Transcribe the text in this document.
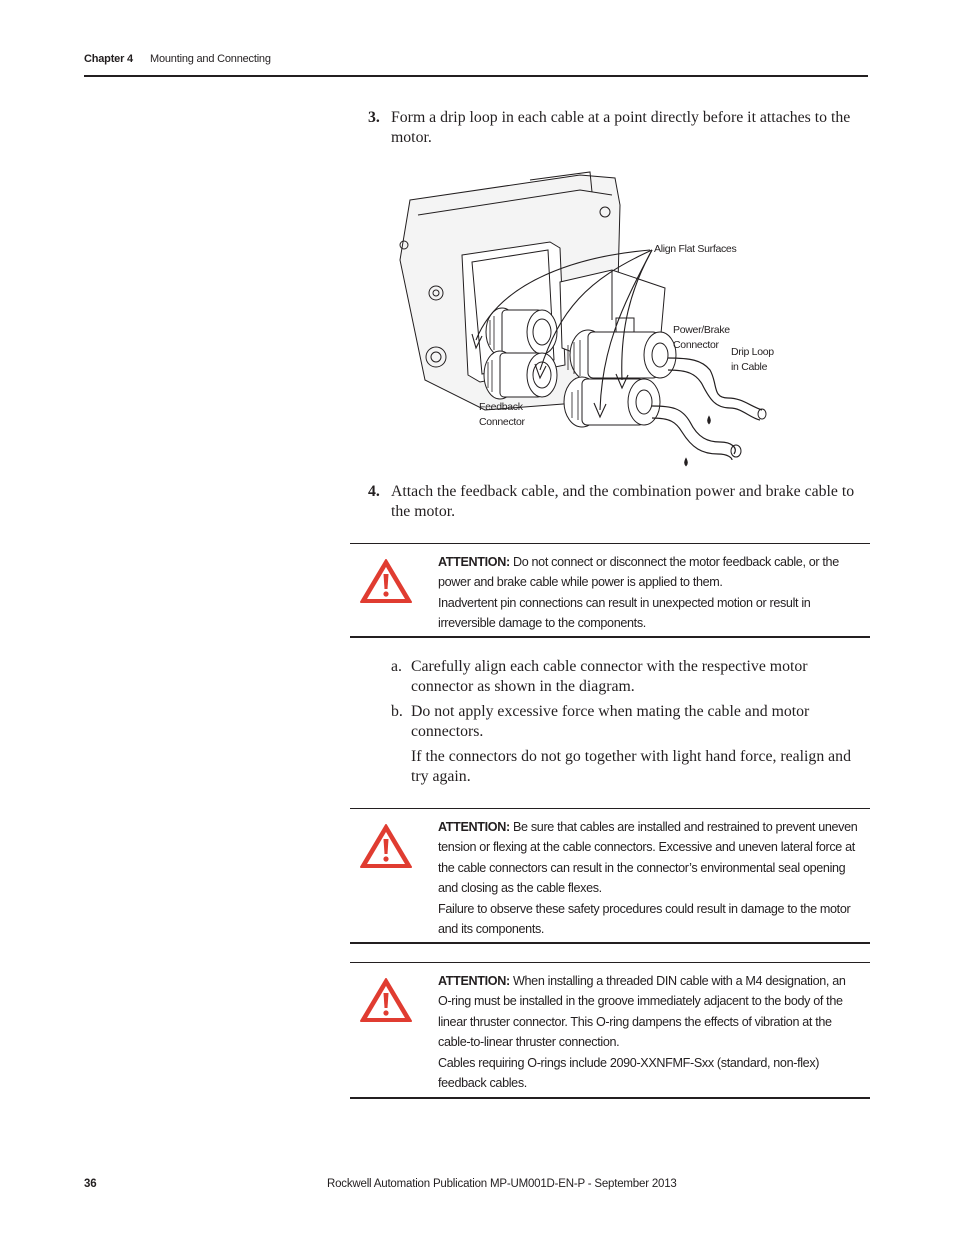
Chapter 4 Mounting and Connecting
3. Form a drip loop in each cable at a point directly before it attaches to the motor.
Align Flat Surfaces
Power/Brake
Connector
Drip Loop
in Cable
Feedback
Connector
4. Attach the feedback cable, and the combination power and brake cable to the motor.
ATTENTION: Do not connect or disconnect the motor feedback cable, or the power and brake cable while power is applied to them.
Inadvertent pin connections can result in unexpected motion or result in irreversible damage to the components.
a. Carefully align each cable connector with the respective motor connector as shown in the diagram.
b. Do not apply excessive force when mating the cable and motor connectors.
If the connectors do not go together with light hand force, realign and try again.
ATTENTION: Be sure that cables are installed and restrained to prevent uneven tension or flexing at the cable connectors. Excessive and uneven lateral force at the cable connectors can result in the connector’s environmental seal opening and closing as the cable flexes.
Failure to observe these safety procedures could result in damage to the motor and its components.
ATTENTION: When installing a threaded DIN cable with a M4 designation, an O-ring must be installed in the groove immediately adjacent to the body of the linear thruster connector. This O-ring dampens the effects of vibration at the cable-to-linear thruster connection.
Cables requiring O-rings include 2090-XXNFMF-Sxx (standard, non-flex) feedback cables.
36	Rockwell Automation Publication MP-UM001D-EN-P - September 2013
